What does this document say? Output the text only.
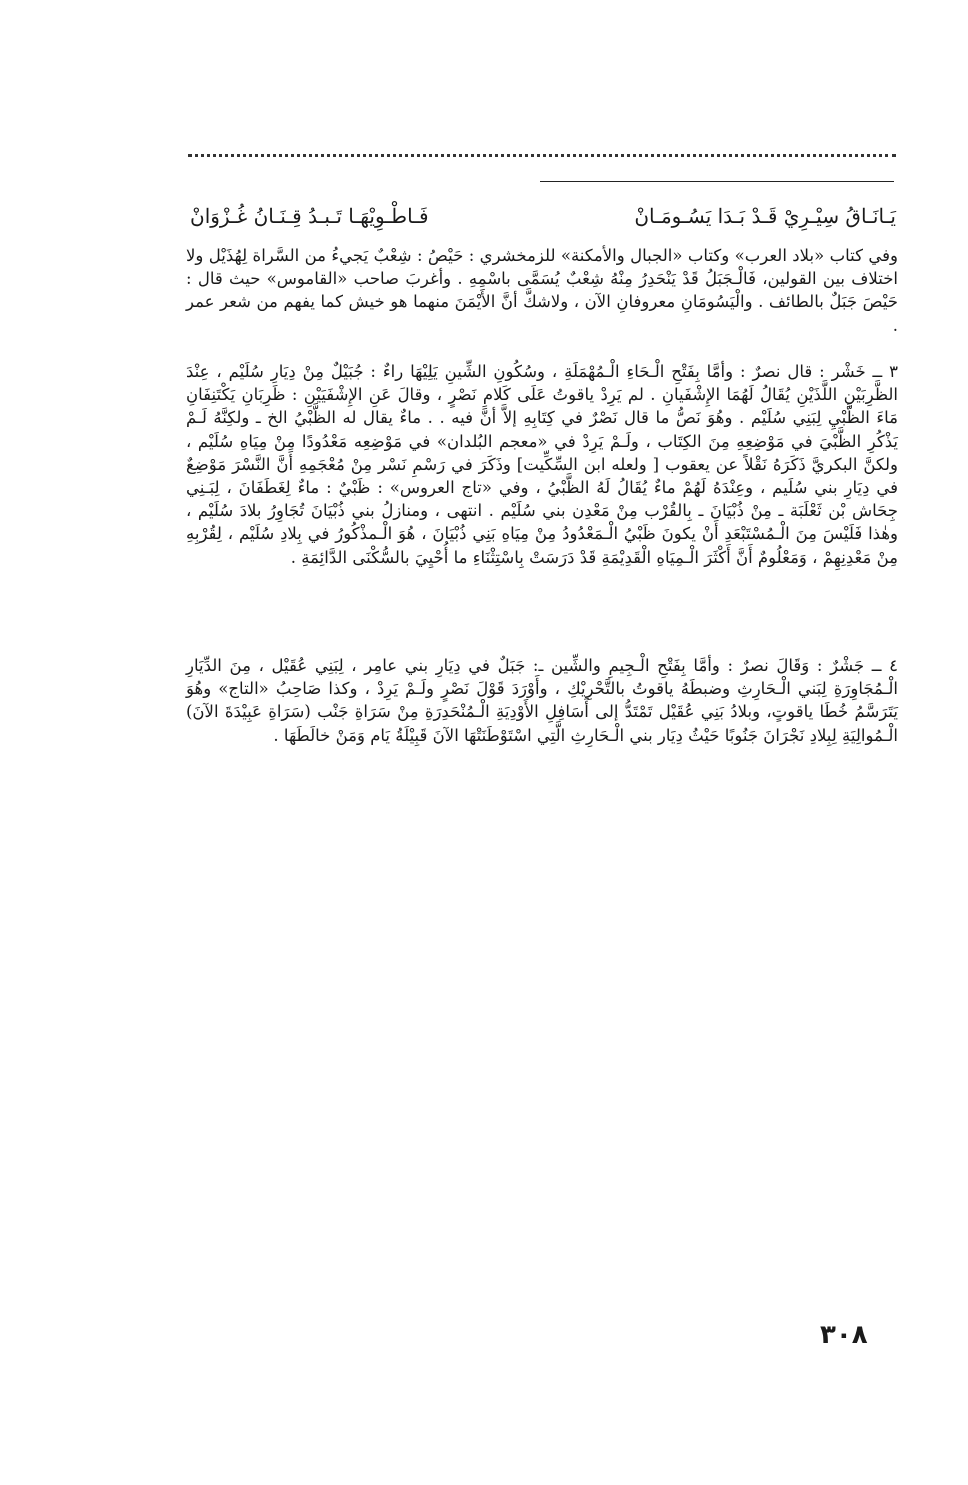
يَـانَـاقُ سِيْـرِيْ قَـدْ بَـدَا يَسُـومَـانْ
فَـاطْـوِيْهَـا تَـبـدُ قِـنَـانُ غُـزْوَانْ

وفي كتاب «بلاد العرب» وكتاب «الجبال والأمكنة» للزمخشري : حَيْصُ : شِعْبٌ يَجيءُ من السَّراة لِهُذَيْل ولا اختلاف بين القولين، فَالْـجَبَلُ قَدْ يَنْحَدِرُ مِنْهُ شِعْبٌ يُسَمَّى باسْمِهِ . وأغربَ صاحب «القاموس» حيث قال : حَيْصَ جَبَلٌ بالطائف . والْيَسُومَانِ معروفانِ الآن ، ولاشكَّ أنَّ الأَيْمَنَ منهما هو خيش كما يفهم من شعر عمر .

٣ ــ خَشْر : قال نصرٌ : وأمَّا بِفَتْحِ الْـحَاءِ الْـمُهْمَلَةِ ، وسُكُونِ الشِّينِ يَلِيْهَا راءٌ : جُبَيْلٌ مِنْ دِيَارِ سُلَيْم ، عِنْدَ الظَّرِبَيْنِ اللَّذَيْنِ يُقَالُ لَهُمَا الإِشْفَيانِ . لم يَرِدْ ياقوتُ عَلَى كَلامِ نَصْرٍ ، وقالَ عَنِ الإِشْفَيَيْنِ : ظَرِبَانِ يَكْتَنِفَانِ مَاءَ الظَّبْيِ لِبَنِي سُلَيْم . وهُوَ نَصُّ ما قال نَصْرٌ في كِتَابِهِ إلاَّ أنَّ فيه . . ماءٌ يقال له الظَّبْيُ الخ ـ ولكِنَّهُ لَـمْ يَذْكُرِ الظَّبْيَ في مَوْضِعِهِ مِنَ الكِتَاب ، ولَـمْ يَرِدْ في «معجم البُلدان» في مَوْضِعِه مَعْدُودًا مِنْ مِيَاهِ سُلَيْم ، ولكنَّ البكريَّ ذَكَرَهُ نَقْلاً عن يعقوب [ ولعله ابن السِّكِّيت] وذَكَرَ في رَسْمِ نَسْر مِنْ مُعْجَمِهِ أَنَّ النَّسْرَ مَوْضِعٌ في دِيَارِ بني سُلَيم ، وعِنْدَهُ لَهُمْ ماءٌ يُقَالُ لَهُ الظَّبْيُ ، وفي «تاج العروس» : ظَبْيٌ : ماءٌ لِغَطَفَانَ ، لِبَـنِي جِحَاش بْن ثَعْلَبَة ـ مِنْ ذُبْيَانَ ـ بِالقُرْب مِنْ مَعْدِن بني سُلَيْم . انتهى ، ومنازلُ بني ذُبْيَانَ تُجَاوِرُ بلادَ سُلَيْم ، وهٰذا فَلَيْسَ مِنَ الْـمُسْتَبْعَدِ أَنْ يكونَ ظَبْيُ الْـمَعْدُودُ مِنْ مِيَاهِ بَنِي ذُبْيَانَ ، هُوَ الْـمذْكُورُ في بِلادِ سُلَيْم ، لِقُرْبِهِ مِنْ مَعْدِنِهِمْ ، وَمَعْلُومٌ أَنَّ أَكْثَرَ الْـمِيَاهِ الْقَدِيْمَةِ قَدْ دَرَسَتْ بِاسْتِثْنَاءِ ما أُحْيِيَ بالسُّكْنَى الدَّائِمَةِ .

٤ ــ جَشْرٌ : وَقَالَ نصرٌ : وأمَّا بِفَتْحِ الْـجِيمِ والشِّين ـ: جَبَلٌ في دِيَارِ بني عامِر ، لِبَنِي عُقَيْل ، مِنَ الدِّيَارِ الْـمُجَاوِرَةِ لِبَني الْـحَارِثِ وضبطَهُ ياقوتُ بالتَّحْرِيْكِ ، وأَوْرَدَ قَوْلَ نَصْرٍ ولَـمْ يَرِدْ ، وكذا صَاحِبُ «التاج» وهُوَ يَتَرَسَّمُ خُطَا ياقوتٍ، وبلادُ بَنِي عُقَيْل تَمْتَدُّ إلى أَسَافِلِ الأَوْدِيَةِ الْـمُنْحَدِرَةِ مِنْ سَرَاةِ جَنْب (سَرَاةِ عَبِيْدَةَ الآنَ) الْـمُوالِيَةِ لِبِلادِ نَجْرَانَ جَنُوبًا حَيْثُ دِيَار بني الْـحَارِثِ الَّتِي اسْتَوْطَنَتْهَا الآنَ قَبِيْلَةُ يَام وَمَنْ خالَطَهَا .

٣٠٨
